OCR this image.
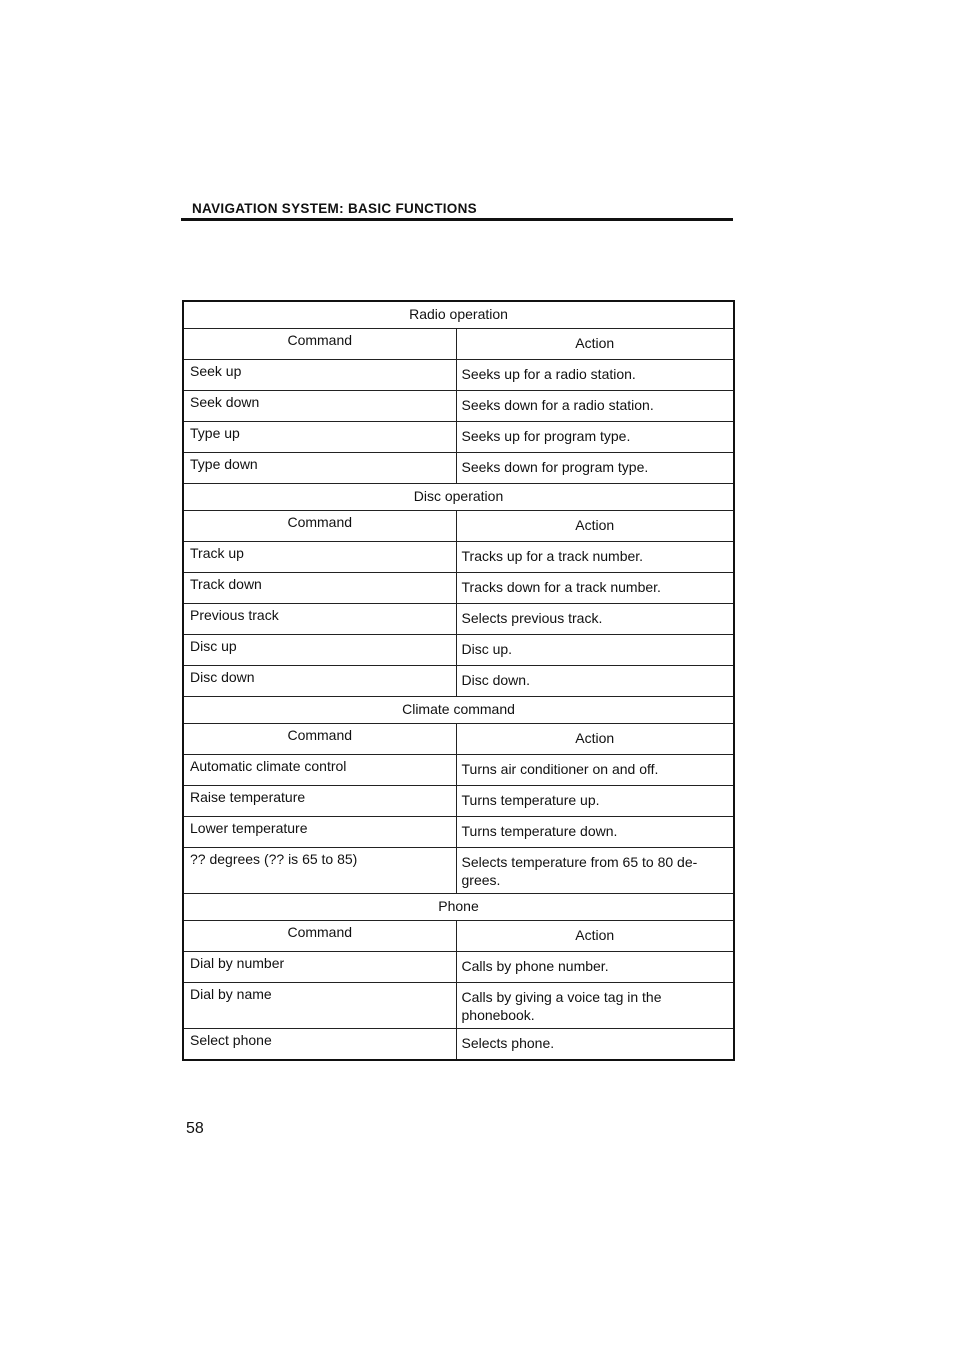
NAVIGATION SYSTEM: BASIC FUNCTIONS
Radio operation	
Command	Action
Seek up	Seeks up for a radio station.
Seek down	Seeks down for a radio station.
Type up	Seeks up for program type.
Type down	Seeks down for program type.
Disc operation	
Command	Action
Track up	Tracks up for a track number.
Track down	Tracks down for a track number.
Previous track	Selects previous track.
Disc up	Disc up.
Disc down	Disc down.
Climate command	
Command	Action
Automatic climate control	Turns air conditioner on and off.
Raise temperature	Turns temperature up.
Lower temperature	Turns temperature down.
?? degrees (?? is 65 to 85)	Selects temperature from 65 to 80 de-
grees.
Phone	
Command	Action
Dial by number	Calls by phone number.
Dial by name	Calls by giving a voice tag in the
phonebook.
Select phone	Selects phone.
58
